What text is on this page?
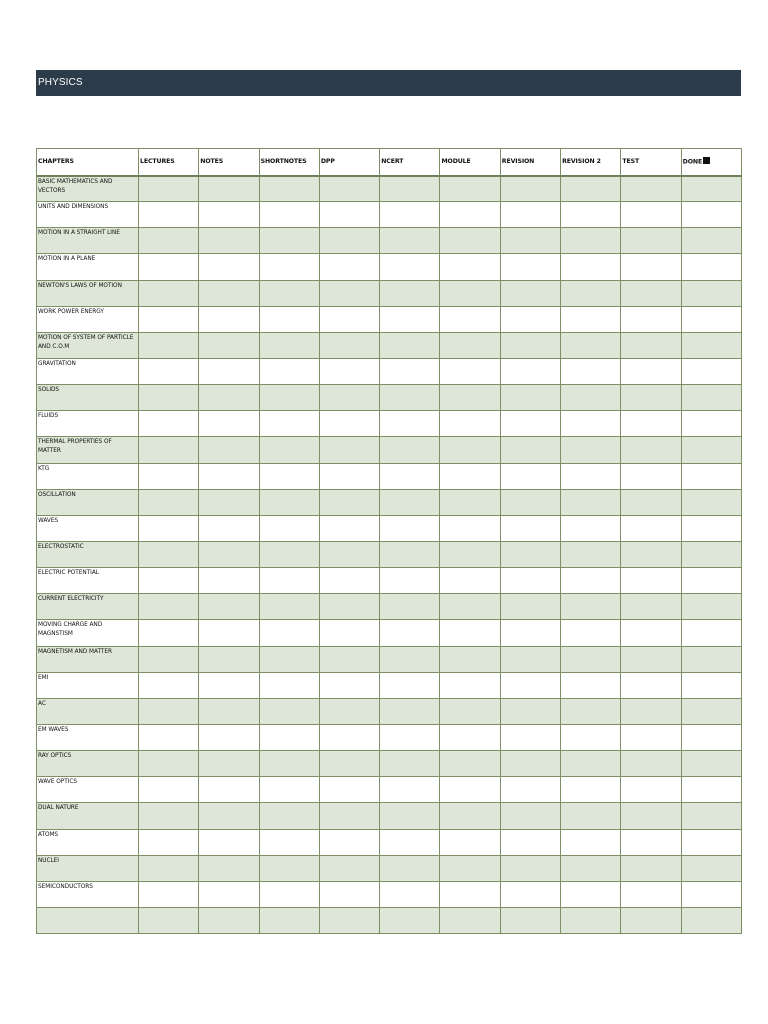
PHYSICS
CHAPTERS	LECTURES	NOTES	SHORTNOTES	DPP	NCERT	MODULE	REVISION	REVISION 2	TEST	DONE
BASIC MATHEMATICS AND VECTORS										
UNITS AND DIMENSIONS										
MOTION IN A STRAIGHT LINE										
MOTION IN A PLANE										
NEWTON'S LAWS OF MOTION										
WORK POWER ENERGY										
MOTION OF SYSTEM OF PARTICLE AND C.O.M										
GRAVITATION										
SOLIDS										
FLUIDS										
THERMAL PROPERTIES OF MATTER										
KTG										
OSCILLATION										
WAVES										
ELECTROSTATIC										
ELECTRIC POTENTIAL										
CURRENT ELECTRICITY										
MOVING CHARGE AND MAGNSTISM										
MAGNETISM AND MATTER										
EMI										
AC										
EM WAVES										
RAY OPTICS										
WAVE OPTICS										
DUAL NATURE										
ATOMS										
NUCLEI										
SEMICONDUCTORS										
